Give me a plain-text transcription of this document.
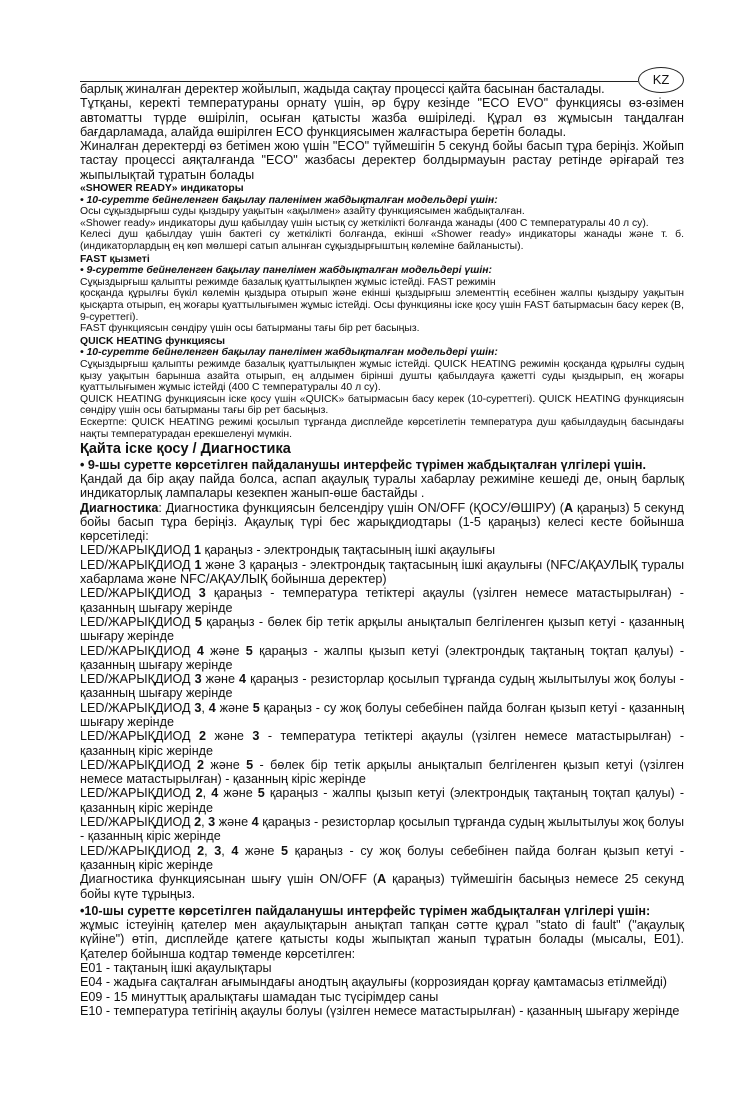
KZ

барлық жиналған деректер жойылып, жадыда сақтау процессі қайта басынан басталады.

Тұтқаны, керекті температураны орнату үшін, әр бұру кезінде "ECO EVO" функциясы өз-өзімен автоматты түрде өшіріліп, осыған қатысты жазба өшіріледі. Құрал өз жұмысын таңдалған бағдарламада, алайда өшірілген ECO функциясымен жалғастыра беретін болады.

Жиналған деректерді өз бетімен жою үшін "ECO" түймешігін 5 секунд бойы басып тұра беріңіз. Жойып тастау процессі аяқталғанда "ECO" жазбасы деректер болдырмауын растау ретінде әріғарай тез жыпылықтай тұратын болады

«SHOWER READY» индикаторы

• 10-суретте бейнеленген бақылау паленімен жабдықталған модельдері үшін:

Осы сұқыздырғыш суды қыздыру уақытын «ақылмен» азайту функциясымен жабдықталған.

«Shower ready» индикаторы душ қабылдау үшін ыстық су жеткілікті болғанда жанады (400 С температуралы 40 л су).

Келесі душ қабылдау үшін бактегі су жеткілікті болғанда, екінші «Shower ready» индикаторы жанады және т. б. (индикаторлардың ең көп мөлшері сатып алынған сұқыздырғыштың көлеміне байланысты).

FAST қызметі

• 9-суретте бейнеленген бақылау панелімен жабдықталған модельдері үшін:

Сұқыздырғыш қалыпты режимде базалық қуаттылықпен жұмыс істейді. FAST режимін

қосқанда құрылғы бүкіл көлемін қыздыра отырып және екінші қыздырғыш элементтің есебінен жалпы қыздыру уақытын қысқарта отырып, ең жоғары қуаттылығымен жұмыс істейді. Осы функцияны іске қосу үшін FAST батырмасын басу керек (В, 9-суреттегі).

FAST функциясын сөндіру үшін осы батырманы тағы бір рет басыңыз.

QUICK HEATING функциясы

• 10-суретте бейнеленген бақылау панелімен жабдықталған модельдері үшін:

Сұқыздырғыш қалыпты режимде базалық қуаттылықпен жұмыс істейді. QUICK HEATING режимін қосқанда құрылғы судың қызу уақытын барынша азайта отырып, ең алдымен бірінші душты қабылдауға қажетті суды қыздырып, ең жоғары қуаттылығымен жұмыс істейді (400 С температуралы 40 л су).

QUICK HEATING функциясын іске қосу үшін «QUICK» батырмасын басу керек (10-суреттегі). QUICK HEATING функциясын сөндіру үшін осы батырманы тағы бір рет басыңыз.

Ескертпе: QUICK HEATING режимі қосылып тұрғанда дисплейде көрсетілетін температура душ қабылдаудың басындағы нақты температурадан ерекшеленуі мүмкін.

Қайта іске қосу / Диагностика

• 9-шы суретте көрсетілген пайдаланушы интерфейс түрімен жабдықталған үлгілері үшін.

Қандай да бір ақау пайда болса, аспап ақаулық туралы хабарлау режиміне кешеді де, оның барлық индикаторлық лампалары кезекпен жанып-өше бастайды .

Диагностика: Диагностика функциясын белсендіру үшін ON/OFF (ҚОСУ/ӨШІРУ) (A қараңыз) 5 секунд бойы басып тұра беріңіз. Ақаулық түрі бес жарықдиодтары (1-5 қараңыз) келесі кесте бойынша көрсетіледі:

LED/ЖАРЫҚДИОД 1 қараңыз - электрондық тақтасының ішкі ақаулығы

LED/ЖАРЫҚДИОД 1 және 3 қараңыз - электрондық тақтасының ішкі ақаулығы (NFC/АҚАУЛЫҚ туралы хабарлама және NFC/АҚАУЛЫҚ бойынша деректер)

LED/ЖАРЫҚДИОД 3 қараңыз - температура тетіктері ақаулы (үзілген немесе матастырылған) - қазанның шығару жерінде

LED/ЖАРЫҚДИОД 5 қараңыз - бөлек бір тетік арқылы анықталып белгіленген қызып кетуі - қазанның шығару жерінде

LED/ЖАРЫҚДИОД 4 және 5 қараңыз - жалпы қызып кетуі (электрондық тақтаның тоқтап қалуы) - қазанның шығару жерінде

LED/ЖАРЫҚДИОД 3 және 4 қараңыз - резисторлар қосылып тұрғанда судың жылытылуы жоқ болуы - қазанның шығару жерінде

LED/ЖАРЫҚДИОД 3, 4 және 5 қараңыз - су жоқ болуы себебінен пайда болған қызып кетуі - қазанның шығару жерінде

LED/ЖАРЫҚДИОД 2 және 3 - температура тетіктері ақаулы (үзілген немесе матастырылған) - қазанның кіріс жерінде

LED/ЖАРЫҚДИОД 2 және 5 - бөлек бір тетік арқылы анықталып белгіленген қызып кетуі (үзілген немесе матастырылған) - қазанның кіріс жерінде

LED/ЖАРЫҚДИОД 2, 4 және 5 қараңыз - жалпы қызып кетуі (электрондық тақтаның тоқтап қалуы) - қазанның кіріс жерінде

LED/ЖАРЫҚДИОД 2, 3 және 4 қараңыз - резисторлар қосылып тұрғанда судың жылытылуы жоқ болуы - қазанның кіріс жерінде

LED/ЖАРЫҚДИОД 2, 3, 4 және 5 қараңыз - су жоқ болуы себебінен пайда болған қызып кетуі - қазанның кіріс жерінде

Диагностика функциясынан шығу үшін ON/OFF (A қараңыз) түймешігін басыңыз немесе 25 секунд бойы күте тұрыңыз.

•10-шы суретте көрсетілген пайдаланушы интерфейс түрімен жабдықталған үлгілері үшін:

жұмыс істеуінің қателер мен ақаулықтарын анықтап тапқан сәтте құрал "stato di fault" ("ақаулық күйіне") өтіп, дисплейде қатеге қатысты коды жыпықтап жанып тұратын болады (мысалы, Е01). Қателер бойынша кодтар төменде көрсетілген:

E01 - тақтаның ішкі ақаулықтары

E04 - жадыға сақталған ағымындағы анодтың ақаулығы (коррозиядан қорғау қамтамасыз етілмейді)

E09 - 15 минуттық аралықтағы шамадан тыс түсірімдер саны

E10 - температура тетігінің ақаулы болуы (үзілген немесе матастырылған) - қазанның шығару жерінде
